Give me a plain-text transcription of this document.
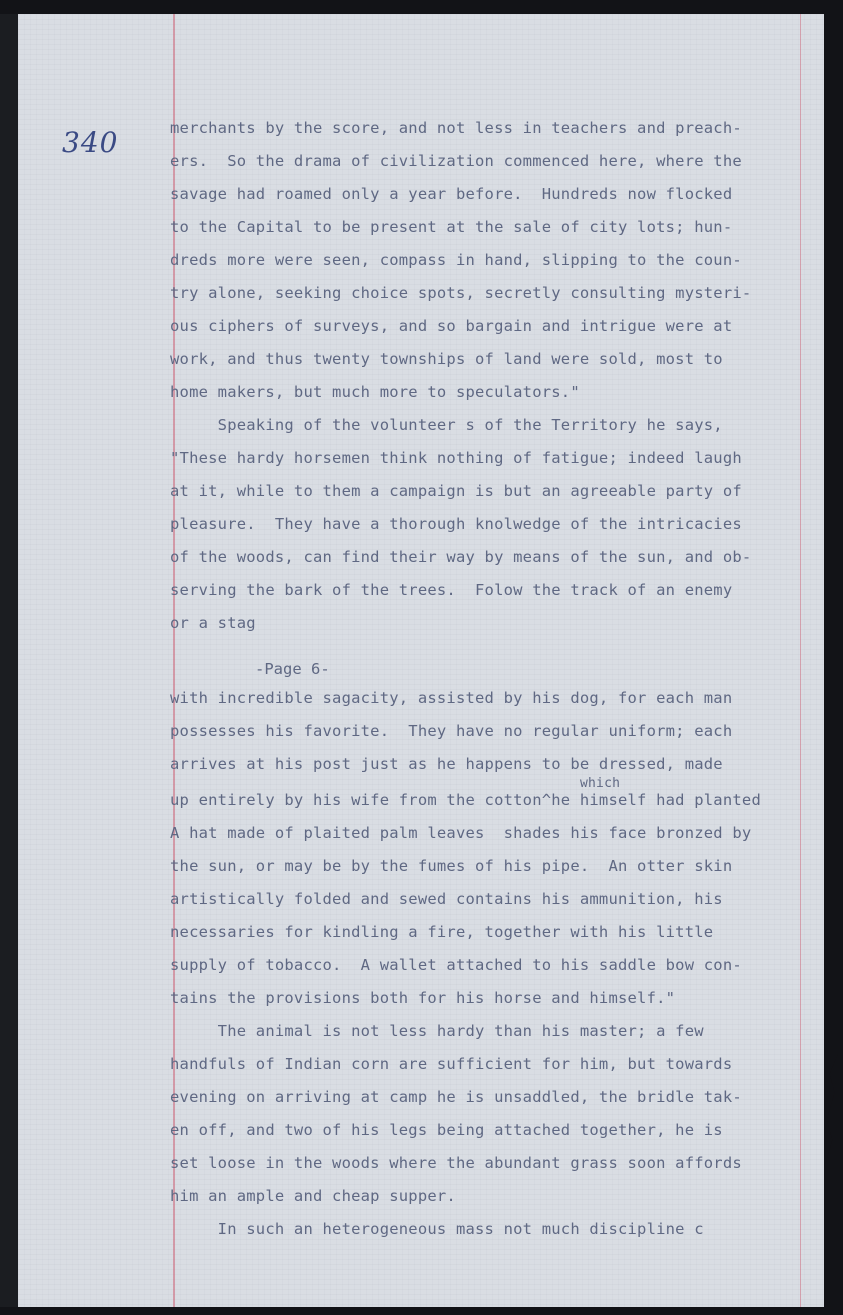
340	merchants by the score, and not less in teachers and preach-
ers.  So the drama of civilization commenced here, where the
savage had roamed only a year before.  Hundreds now flocked
to the Capital to be present at the sale of city lots; hun-
dreds more were seen, compass in hand, slipping to the coun-
try alone, seeking choice spots, secretly consulting mysteri-
ous ciphers of surveys, and so bargain and intrigue were at
work, and thus twenty townships of land were sold, most to
home makers, but much more to speculators."
Speaking of the volunteer s of the Territory he says,
"These hardy horsemen think nothing of fatigue; indeed laugh
at it, while to them a campaign is but an agreeable party of
pleasure.  They have a thorough knolwedge of the intricacies
of the woods, can find their way by means of the sun, and ob-
serving the bark of the trees.  Folow the track of an enemy
or a stag
with incredible sagacity, assisted by his dog, for each man
possesses his favorite.  They have no regular uniform; each
arrives at his post just as he happens to be dressed, made
which
up entirely by his wife from the cotton^he himself had planted
A hat made of plaited palm leaves  shades his face bronzed by
the sun, or may be by the fumes of his pipe.  An otter skin
artistically folded and sewed contains his ammunition, his
necessaries for kindling a fire, together with his little
supply of tobacco.  A wallet attached to his saddle bow con-
tains the provisions both for his horse and himself."
The animal is not less hardy than his master; a few
handfuls of Indian corn are sufficient for him, but towards
evening on arriving at camp he is unsaddled, the bridle tak-
en off, and two of his legs being attached together, he is
set loose in the woods where the abundant grass soon affords
him an ample and cheap supper.
In such an heterogeneous mass not much discipline c
-Page 6-
